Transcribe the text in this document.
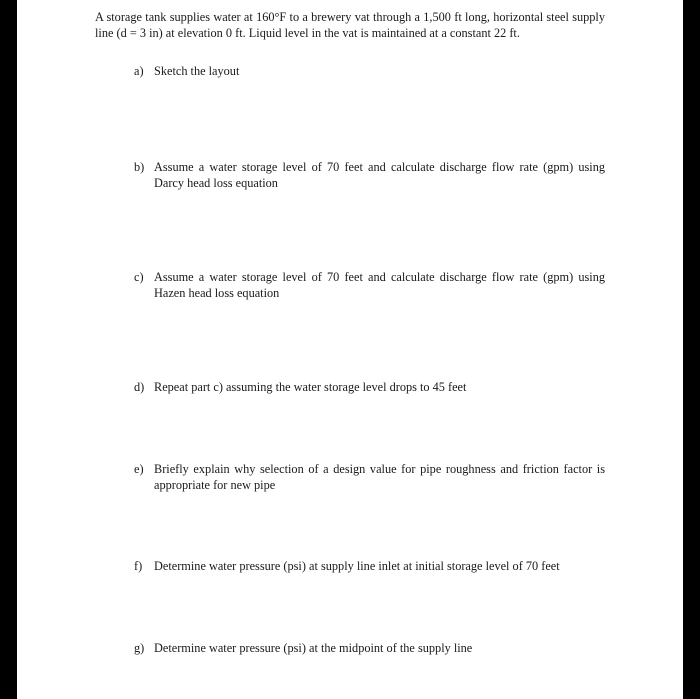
A storage tank supplies water at 160°F to a brewery vat through a 1,500 ft long, horizontal steel supply line (d = 3 in) at elevation 0 ft. Liquid level in the vat is maintained at a constant 22 ft.

a) Sketch the layout
b) Assume a water storage level of 70 feet and calculate discharge flow rate (gpm) using Darcy head loss equation
c) Assume a water storage level of 70 feet and calculate discharge flow rate (gpm) using Hazen head loss equation
d) Repeat part c) assuming the water storage level drops to 45 feet
e) Briefly explain why selection of a design value for pipe roughness and friction factor is appropriate for new pipe
f) Determine water pressure (psi) at supply line inlet at initial storage level of 70 feet
g) Determine water pressure (psi) at the midpoint of the supply line
